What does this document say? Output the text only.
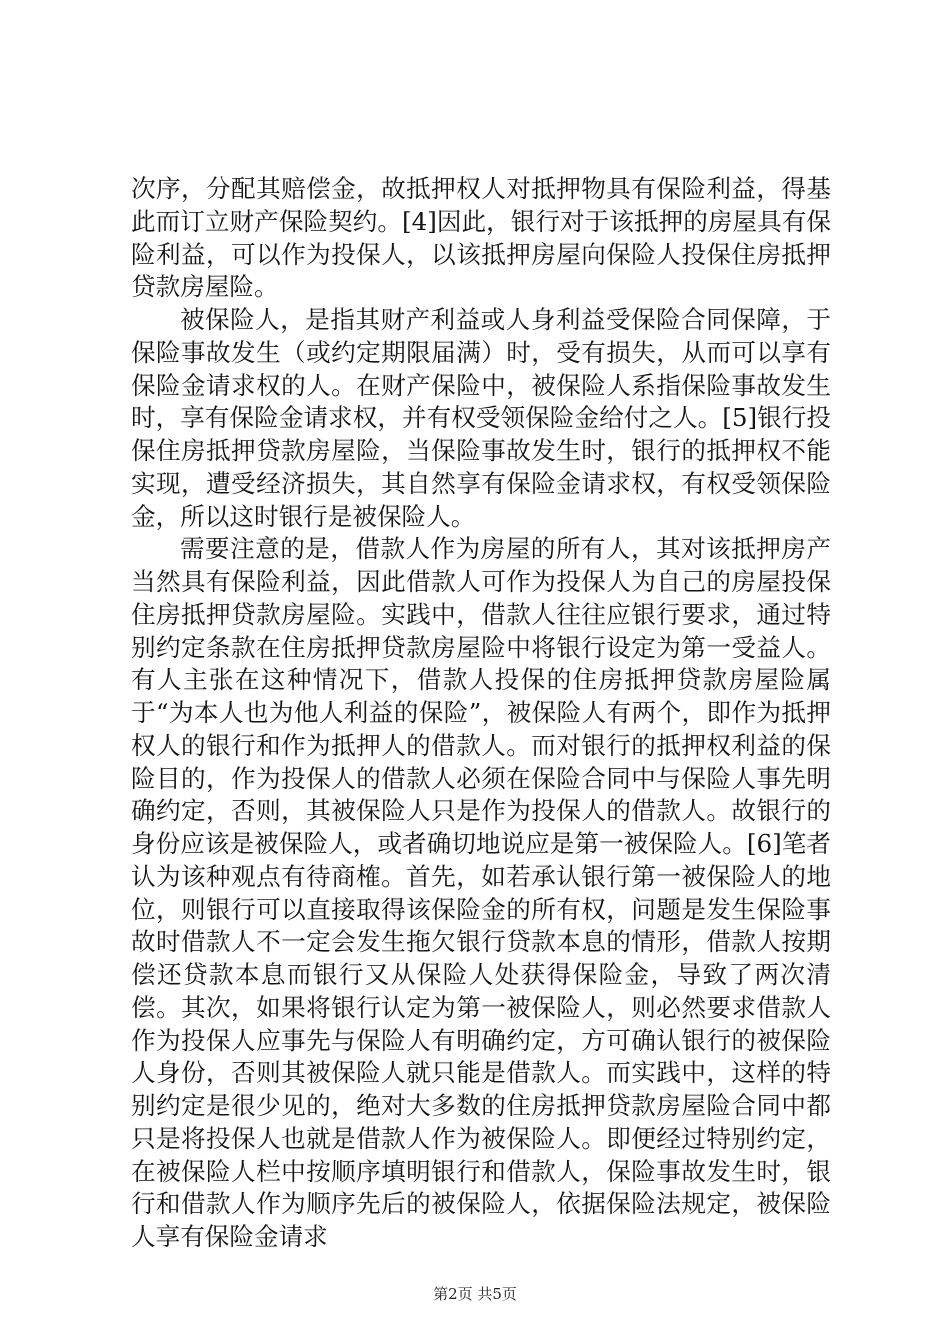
次序，分配其赔偿金，故抵押权人对抵押物具有保险利益，得基此而订立财产保险契约。[4]因此，银行对于该抵押的房屋具有保险利益，可以作为投保人，以该抵押房屋向保险人投保住房抵押贷款房屋险。

被保险人，是指其财产利益或人身利益受保险合同保障，于保险事故发生（或约定期限届满）时，受有损失，从而可以享有保险金请求权的人。在财产保险中，被保险人系指保险事故发生时，享有保险金请求权，并有权受领保险金给付之人。[5]银行投保住房抵押贷款房屋险，当保险事故发生时，银行的抵押权不能实现，遭受经济损失，其自然享有保险金请求权，有权受领保险金，所以这时银行是被保险人。

需要注意的是，借款人作为房屋的所有人，其对该抵押房产当然具有保险利益，因此借款人可作为投保人为自己的房屋投保住房抵押贷款房屋险。实践中，借款人往往应银行要求，通过特别约定条款在住房抵押贷款房屋险中将银行设定为第一受益人。有人主张在这种情况下，借款人投保的住房抵押贷款房屋险属于“为本人也为他人利益的保险”，被保险人有两个，即作为抵押权人的银行和作为抵押人的借款人。而对银行的抵押权利益的保险目的，作为投保人的借款人必须在保险合同中与保险人事先明确约定，否则，其被保险人只是作为投保人的借款人。故银行的身份应该是被保险人，或者确切地说应是第一被保险人。[6]笔者认为该种观点有待商榷。首先，如若承认银行第一被保险人的地位，则银行可以直接取得该保险金的所有权，问题是发生保险事故时借款人不一定会发生拖欠银行贷款本息的情形，借款人按期偿还贷款本息而银行又从保险人处获得保险金，导致了两次清偿。其次，如果将银行认定为第一被保险人，则必然要求借款人作为投保人应事先与保险人有明确约定，方可确认银行的被保险人身份，否则其被保险人就只能是借款人。而实践中，这样的特别约定是很少见的，绝对大多数的住房抵押贷款房屋险合同中都只是将投保人也就是借款人作为被保险人。即便经过特别约定，在被保险人栏中按顺序填明银行和借款人，保险事故发生时，银行和借款人作为顺序先后的被保险人，依据保险法规定，被保险人享有保险金请求

第2页 共5页
